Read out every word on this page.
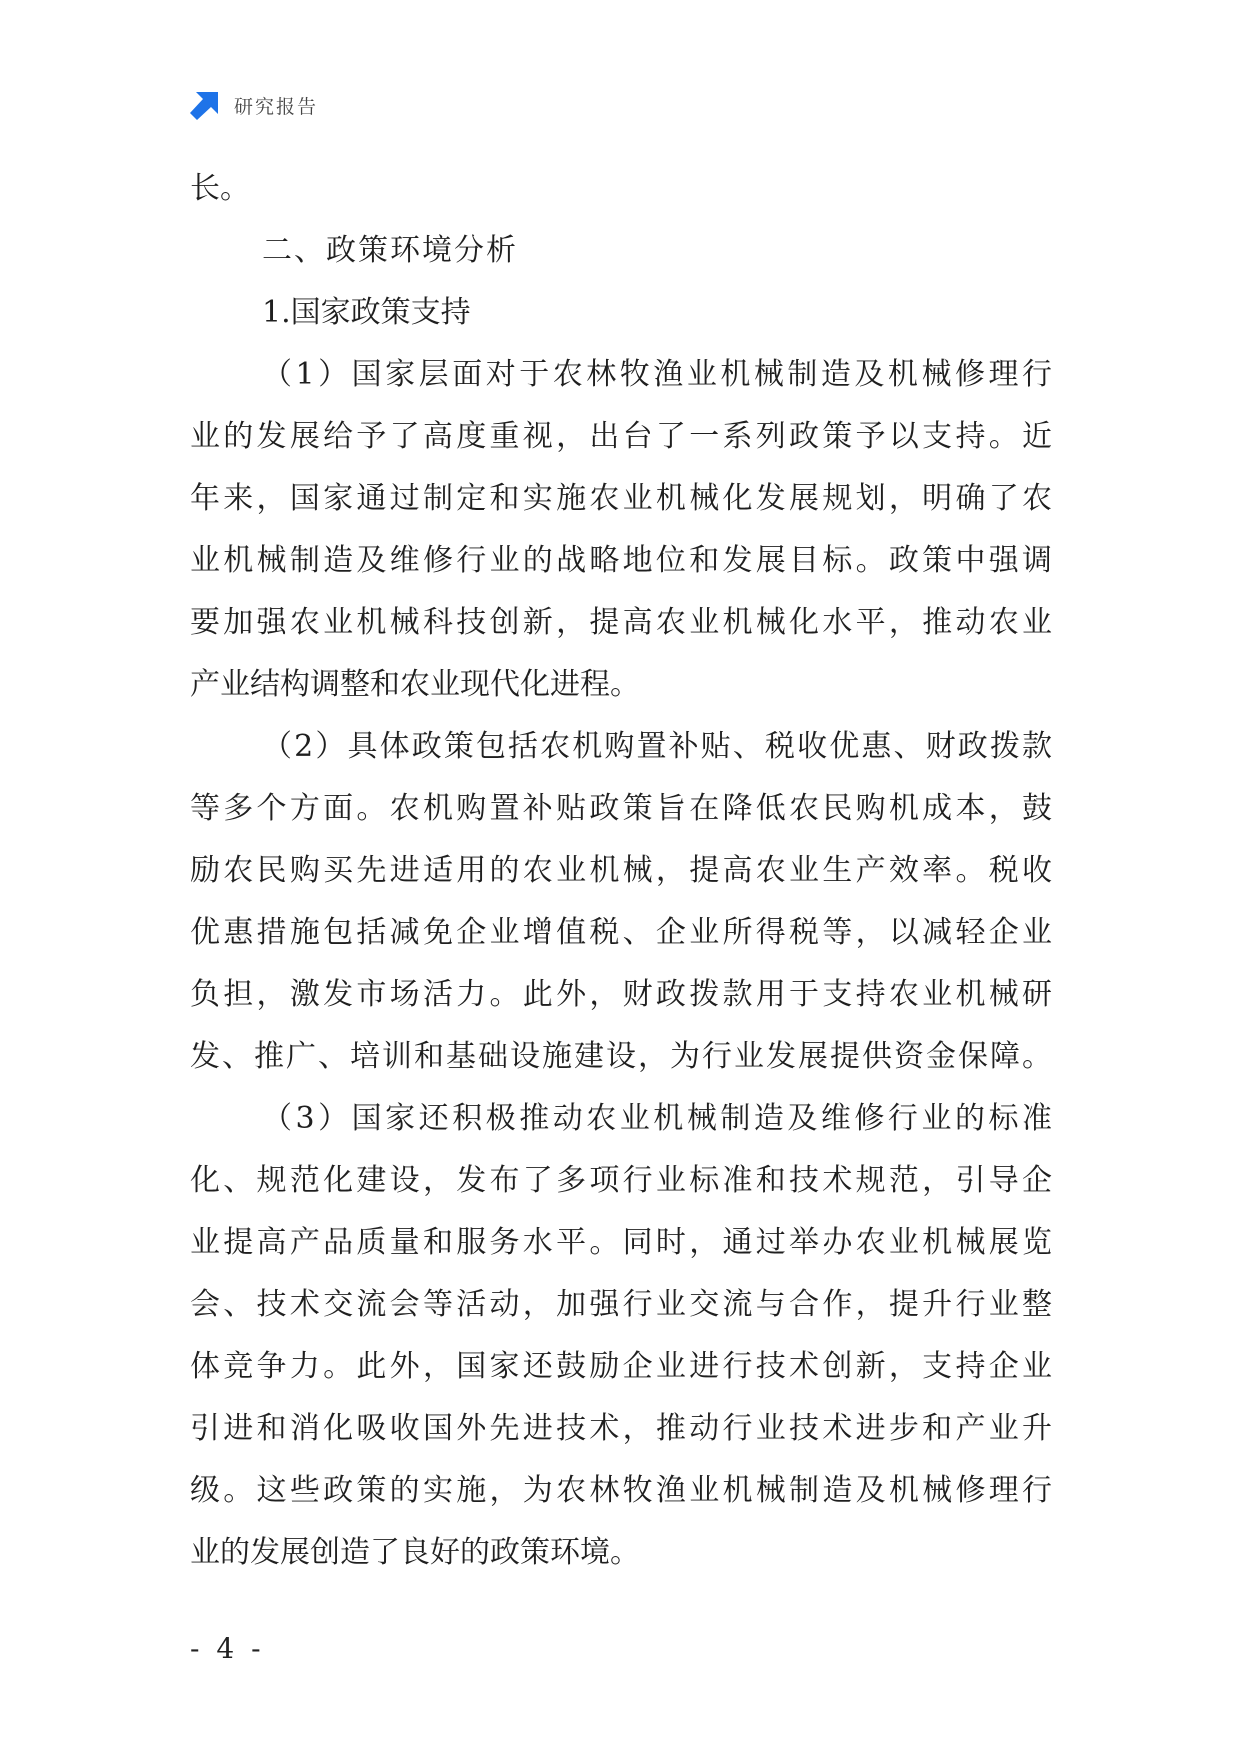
研究报告
长。
二、政策环境分析
1.国家政策支持
（1）国家层面对于农林牧渔业机械制造及机械修理行
业的发展给予了高度重视，出台了一系列政策予以支持。近
年来，国家通过制定和实施农业机械化发展规划，明确了农
业机械制造及维修行业的战略地位和发展目标。政策中强调
要加强农业机械科技创新，提高农业机械化水平，推动农业
产业结构调整和农业现代化进程。
（2）具体政策包括农机购置补贴、税收优惠、财政拨款
等多个方面。农机购置补贴政策旨在降低农民购机成本，鼓
励农民购买先进适用的农业机械，提高农业生产效率。税收
优惠措施包括减免企业增值税、企业所得税等，以减轻企业
负担，激发市场活力。此外，财政拨款用于支持农业机械研
发、推广、培训和基础设施建设，为行业发展提供资金保障。
（3）国家还积极推动农业机械制造及维修行业的标准
化、规范化建设，发布了多项行业标准和技术规范，引导企
业提高产品质量和服务水平。同时，通过举办农业机械展览
会、技术交流会等活动，加强行业交流与合作，提升行业整
体竞争力。此外，国家还鼓励企业进行技术创新，支持企业
引进和消化吸收国外先进技术，推动行业技术进步和产业升
级。这些政策的实施，为农林牧渔业机械制造及机械修理行
业的发展创造了良好的政策环境。
- 4 -
